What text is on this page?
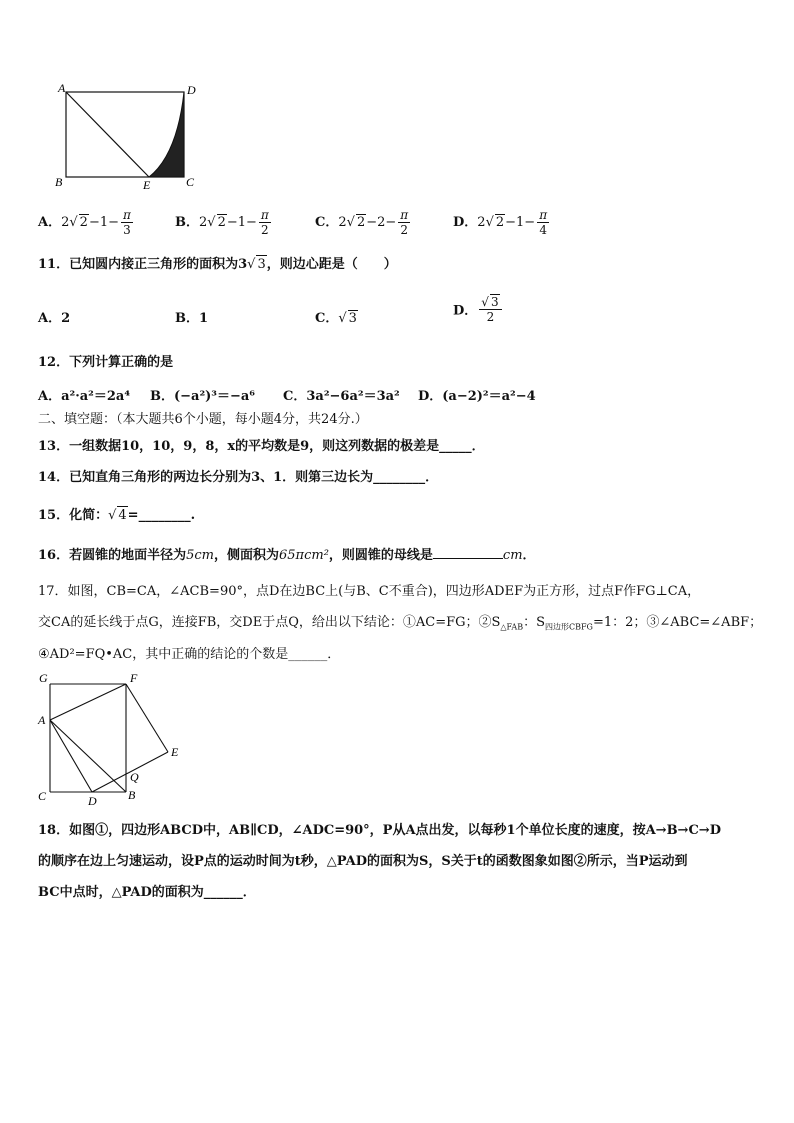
A	D
B	E	C
A．2√ $2-1- \frac{\pi}{3}$	B．2√ $2-1- \frac{\pi}{2}$	C．2√ $2-2- \frac{\pi}{2}$	D．2√ $2-1- \frac{\pi}{4}$
11．已知圆内接正三角形的面积为3√ 3，则边心距是（　　）
A．2	B．1	C．√ 3	D． $\frac{√ 3}{2}$
12．下列计算正确的是
A．a²·a²＝2a⁴ B．(−a²)³＝−a⁶ C．3a²−6a²＝3a² D．(a−2)²＝a²−4
二、填空题：（本大题共6个小题，每小题4分，共24分.）
13．一组数据10，10，9，8，x的平均数是9，则这列数据的极差是_____．
14．已知直角三角形的两边长分别为3、1．则第三边长为________．
15．化简：√ 4=________.
16．若圆锥的地面半径为5cm，侧面积为65πcm²，则圆锥的母线是	cm．
17．如图，CB=CA，∠ACB=90°，点D在边BC上(与B、C不重合)，四边形ADEF为正方形，过点F作FG⊥CA，
交CA的延长线于点G，连接FB，交DE于点Q，给出以下结论：①AC=FG；$②S_{\triangle FAB}$：$S_{四边形CBFG}=1$：2；③∠ABC=∠ABF；
④AD²=FQ•AC，其中正确的结论的个数是______．
G	F
A
E
Q
C	D	B
18．如图①，四边形ABCD中，AB∥CD，∠ADC=90°，P从A点出发，以每秒1个单位长度的速度，按A→B→C→D
的顺序在边上匀速运动，设P点的运动时间为t秒，△PAD的面积为S，S关于t的函数图象如图②所示，当P运动到
BC中点时，△PAD的面积为______．
